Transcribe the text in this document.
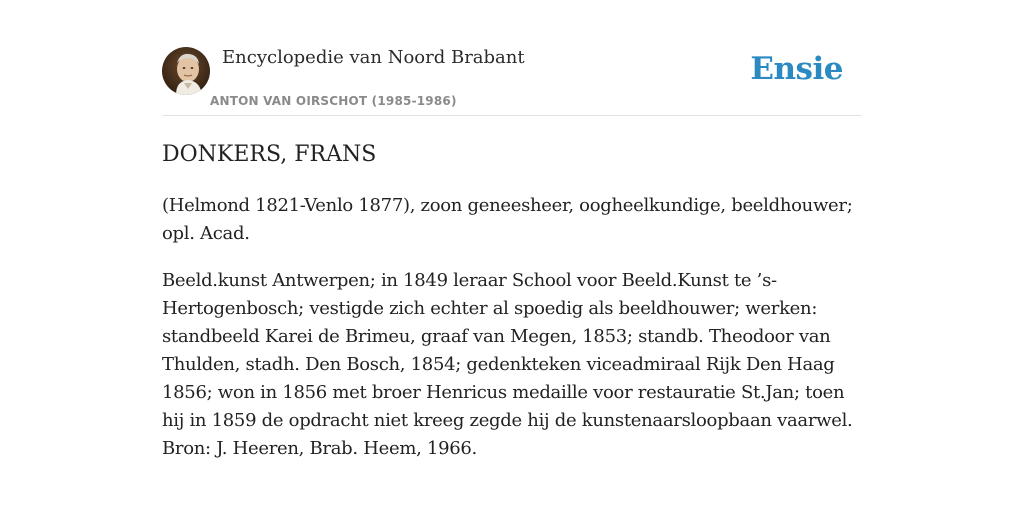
Encyclopedie van Noord Brabant
ANTON VAN OIRSCHOT (1985-1986)
Ensie
DONKERS, FRANS

(Helmond 1821-Venlo 1877), zoon geneesheer, oogheelkundige, beeldhouwer; opl. Acad.

Beeld.kunst Antwerpen; in 1849 leraar School voor Beeld.Kunst te ’s-Hertogenbosch; vestigde zich echter al spoedig als beeldhouwer; werken: standbeeld Karei de Brimeu, graaf van Megen, 1853; standb. Theodoor van Thulden, stadh. Den Bosch, 1854; gedenkteken viceadmiraal Rijk Den Haag 1856; won in 1856 met broer Henricus medaille voor restauratie St.Jan; toen hij in 1859 de opdracht niet kreeg zegde hij de kunstenaarsloopbaan vaarwel. Bron: J. Heeren, Brab. Heem, 1966.
